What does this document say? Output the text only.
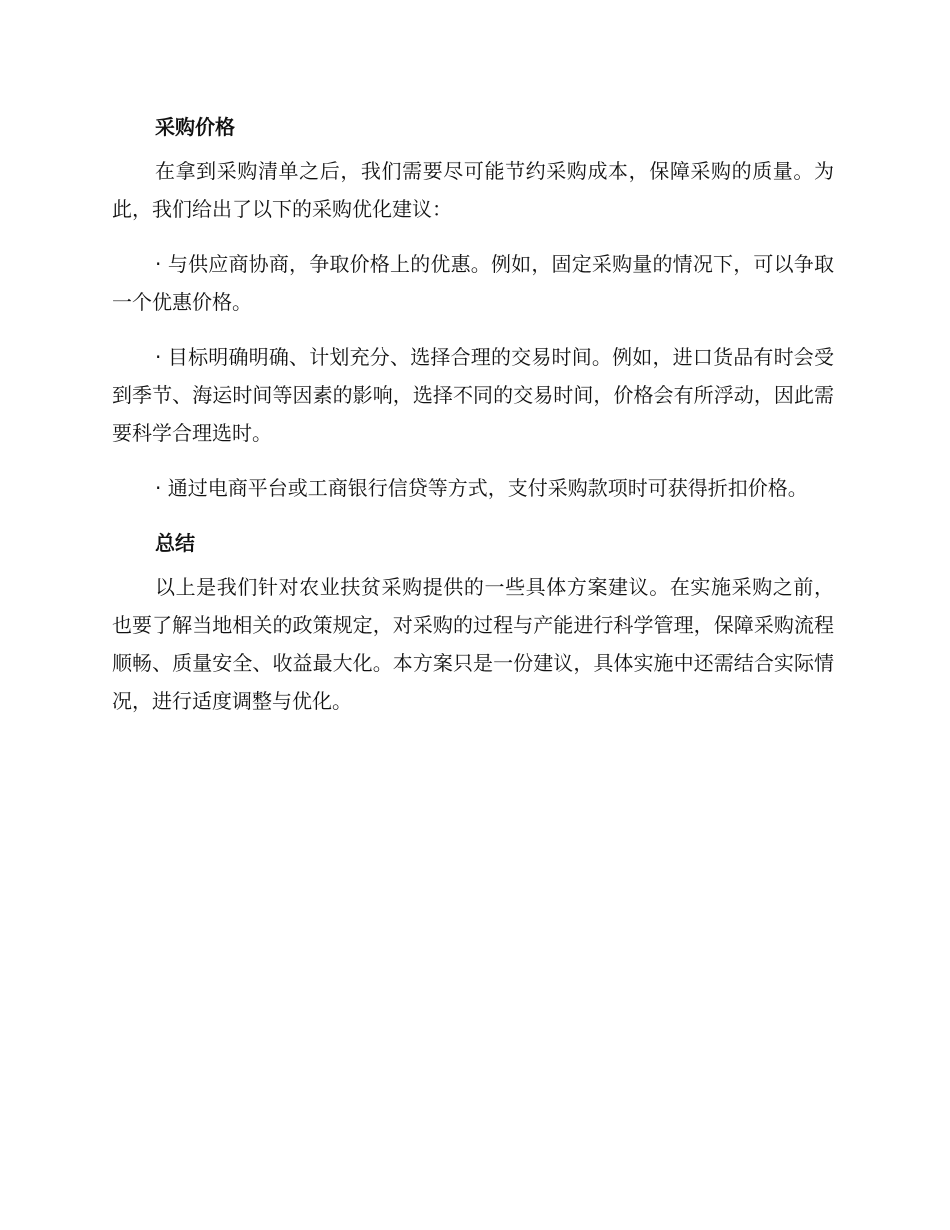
采购价格

在拿到采购清单之后，我们需要尽可能节约采购成本，保障采购的质量。为此，我们给出了以下的采购优化建议：

· 与供应商协商，争取价格上的优惠。例如，固定采购量的情况下，可以争取一个优惠价格。

· 目标明确明确、计划充分、选择合理的交易时间。例如，进口货品有时会受到季节、海运时间等因素的影响，选择不同的交易时间，价格会有所浮动，因此需要科学合理选时。

· 通过电商平台或工商银行信贷等方式，支付采购款项时可获得折扣价格。

总结

以上是我们针对农业扶贫采购提供的一些具体方案建议。在实施采购之前，也要了解当地相关的政策规定，对采购的过程与产能进行科学管理，保障采购流程顺畅、质量安全、收益最大化。本方案只是一份建议，具体实施中还需结合实际情况，进行适度调整与优化。
